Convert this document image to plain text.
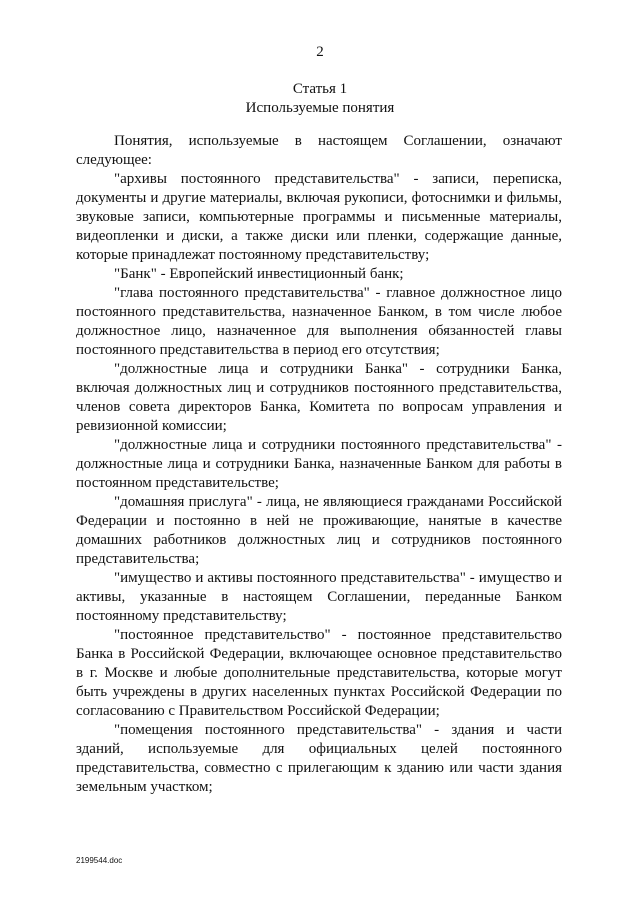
2
Статья 1
Используемые понятия

Понятия, используемые в настоящем Соглашении, означают следующее:

"архивы постоянного представительства" - записи, переписка, документы и другие материалы, включая рукописи, фотоснимки и фильмы, звуковые записи, компьютерные программы и письменные материалы, видеопленки и диски, а также диски или пленки, содержащие данные, которые принадлежат постоянному представительству;

"Банк" - Европейский инвестиционный банк;

"глава постоянного представительства" - главное должностное лицо постоянного представительства, назначенное Банком, в том числе любое должностное лицо, назначенное для выполнения обязанностей главы постоянного представительства в период его отсутствия;

"должностные лица и сотрудники Банка" - сотрудники Банка, включая должностных лиц и сотрудников постоянного представительства, членов совета директоров Банка, Комитета по вопросам управления и ревизионной комиссии;

"должностные лица и сотрудники постоянного представительства" - должностные лица и сотрудники Банка, назначенные Банком для работы в постоянном представительстве;

"домашняя прислуга" - лица, не являющиеся гражданами Российской Федерации и постоянно в ней не проживающие, нанятые в качестве домашних работников должностных лиц и сотрудников постоянного представительства;

"имущество и активы постоянного представительства" - имущество и активы, указанные в настоящем Соглашении, переданные Банком постоянному представительству;

"постоянное представительство" - постоянное представительство Банка в Российской Федерации, включающее основное представительство в г. Москве и любые дополнительные представительства, которые могут быть учреждены в других населенных пунктах Российской Федерации по согласованию с Правительством Российской Федерации;

"помещения постоянного представительства" - здания и части зданий, используемые для официальных целей постоянного представительства, совместно с прилегающим к зданию или части здания земельным участком;

2199544.doc
